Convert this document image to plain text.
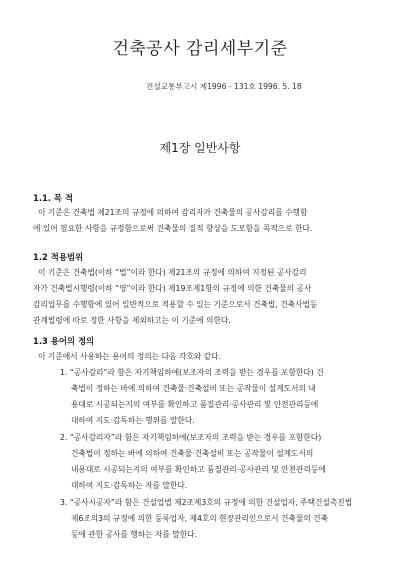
건축공사 감리세부기준
건설교통부고시 제1996 - 131호 1996. 5. 18
제1장 일반사항
1.1. 목 적
이 기준은 건축법 제21조의 규정에 의하여 감리자가 건축물의 공사감리를 수행함
에 있어 필요한 사항을 규정함으로써 건축물의 질적 향상을 도모함을 목적으로 한다.
1.2 적용범위
이 기준은 건축법(이하 “법”이라 한다) 제21조의 규정에 의하여 지정된 공사감리
자가 건축법시행령(이하 “영”이라 한다) 제19조제1항의 규정에 의한 건축물의 공사
감리업무를 수행함에 있어 일반적으로 적용할 수 있는 기준으로서 건축법, 건축사법등
관계법령에 따로 정한 사항을 제외하고는 이 기준에 의한다.
1.3 용어의 정의
이 기준에서 사용하는 용어의 정의는 다음 각호와 같다.
1. “공사감리”라 함은 자기책임하에(보조자의 조력을 받는 경우를 포함한다) 건
축법이 정하는 바에 의하여 건축물·건축설비 또는 공작물이 설계도서의 내
용대로 시공되는지의 여부를 확인하고 품질관리·공사관리 및 안전관리등에
대하여 지도·감독하는 행위를 말한다.
2. “공사감리자”라 함은 자기책임하에(보조자의 조력을 받는 경우를 포함한다)
건축법이 정하는 바에 의하여 건축물·건축설비 또는 공작물이 설계도서의
내용대로 시공되는지의 여부를 확인하고 품질관리·공사관리 및 안전관리등에
대하여 지도·감독하는 자를 말한다.
3. “공사시공자”라 함은 건설업법 제2조제3호의 규정에 의한 건설업자, 주택건설촉진법
제6조의3의 규정에 의한 등록업자, 제4호의 현장관리인으로서 건축물의 건축
등에 관한 공사를 행하는 자를 말한다.
